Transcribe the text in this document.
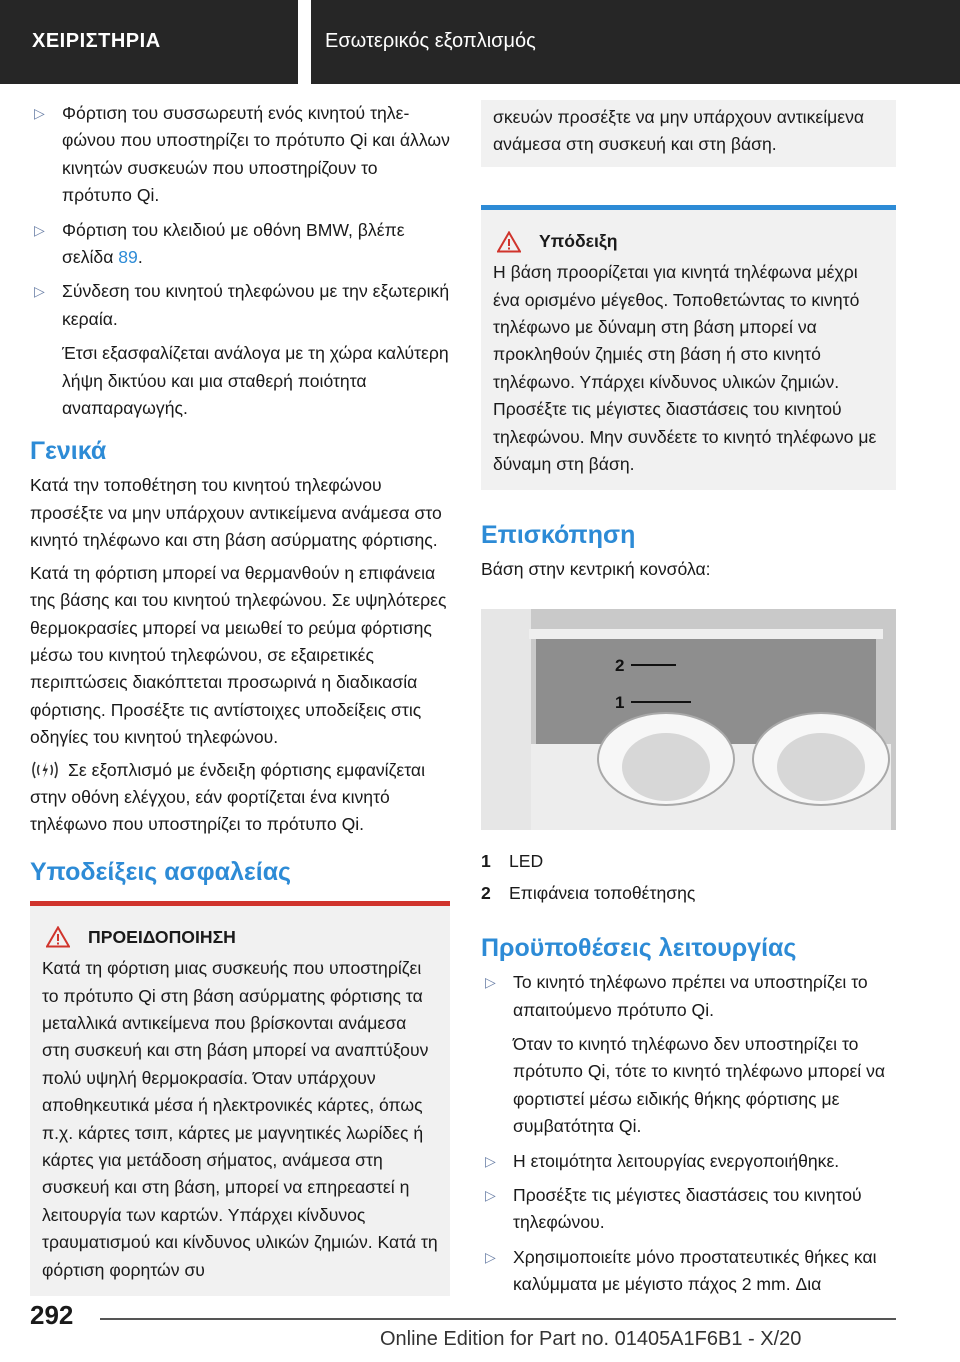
ΧΕΙΡΙΣΤΗΡΙΑ	Εσωτερικός εξοπλισμός
▷ Φόρτιση του συσσωρευτή ενός κινητού τηλεφώνου που υποστηρίζει το πρότυπο Qi και άλλων κινητών συσκευών που υποστηρίζουν το πρότυπο Qi.
▷ Φόρτιση του κλειδιού με οθόνη BMW, βλέπε σελίδα 89.
▷ Σύνδεση του κινητού τηλεφώνου με την εξωτερική κεραία.
Έτσι εξασφαλίζεται ανάλογα με τη χώρα καλύτερη λήψη δικτύου και μια σταθερή ποιότητα αναπαραγωγής.
Γενικά

Κατά την τοποθέτηση του κινητού τηλεφώνου προσέξτε να μην υπάρχουν αντικείμενα ανάμεσα στο κινητό τηλέφωνο και στη βάση ασύρματης φόρτισης.

Κατά τη φόρτιση μπορεί να θερμανθούν η επιφάνεια της βάσης και του κινητού τηλεφώνου. Σε υψηλότερες θερμοκρασίες μπορεί να μειωθεί το ρεύμα φόρτισης μέσω του κινητού τηλεφώνου, σε εξαιρετικές περιπτώσεις διακόπτεται προσωρινά η διαδικασία φόρτισης. Προσέξτε τις αντίστοιχες υποδείξεις στις οδηγίες του κινητού τηλεφώνου.

Σε εξοπλισμό με ένδειξη φόρτισης εμφανίζεται στην οθόνη ελέγχου, εάν φορτίζεται ένα κινητό τηλέφωνο που υποστηρίζει το πρότυπο Qi.

Υποδείξεις ασφαλείας
ΠΡΟΕΙΔΟΠΟΙΗΣΗ
Κατά τη φόρτιση μιας συσκευής που υποστηρίζει το πρότυπο Qi στη βάση ασύρματης φόρτισης τα μεταλλικά αντικείμενα που βρίσκονται ανάμεσα στη συσκευή και στη βάση μπορεί να αναπτύξουν πολύ υψηλή θερμοκρασία. Όταν υπάρχουν αποθηκευτικά μέσα ή ηλεκτρονικές κάρτες, όπως π.χ. κάρτες τσιπ, κάρτες με μαγνητικές λωρίδες ή κάρτες για μετάδοση σήματος, ανάμεσα στη συσκευή και στη βάση, μπορεί να επηρεαστεί η λειτουργία των καρτών. Υπάρχει κίνδυνος τραυματισμού και κίνδυνος υλικών ζημιών. Κατά τη φόρτιση φορητών συ
σκευών προσέξτε να μην υπάρχουν αντικείμενα ανάμεσα στη συσκευή και στη βάση.
Υπόδειξη
Η βάση προορίζεται για κινητά τηλέφωνα μέχρι ένα ορισμένο μέγεθος. Τοποθετώντας το κινητό τηλέφωνο με δύναμη στη βάση μπορεί να προκληθούν ζημιές στη βάση ή στο κινητό τηλέφωνο. Υπάρχει κίνδυνος υλικών ζημιών. Προσέξτε τις μέγιστες διαστάσεις του κινητού τηλεφώνου. Μην συνδέετε το κινητό τηλέφωνο με δύναμη στη βάση.
Επισκόπηση

Βάση στην κεντρική κονσόλα:

2
1
1	LED
2	Επιφάνεια τοποθέτησης
Προϋποθέσεις λειτουργίας
▷ Το κινητό τηλέφωνο πρέπει να υποστηρίζει το απαιτούμενο πρότυπο Qi.
Όταν το κινητό τηλέφωνο δεν υποστηρίζει το πρότυπο Qi, τότε το κινητό τηλέφωνο μπορεί να φορτιστεί μέσω ειδικής θήκης φόρτισης με συμβατότητα Qi.
▷ Η ετοιμότητα λειτουργίας ενεργοποιήθηκε.
▷ Προσέξτε τις μέγιστες διαστάσεις του κινητού τηλεφώνου.
▷ Χρησιμοποιείτε μόνο προστατευτικές θήκες και καλύμματα με μέγιστο πάχος 2 mm. Δια
292
Online Edition for Part no. 01405A1F6B1 - X/20
